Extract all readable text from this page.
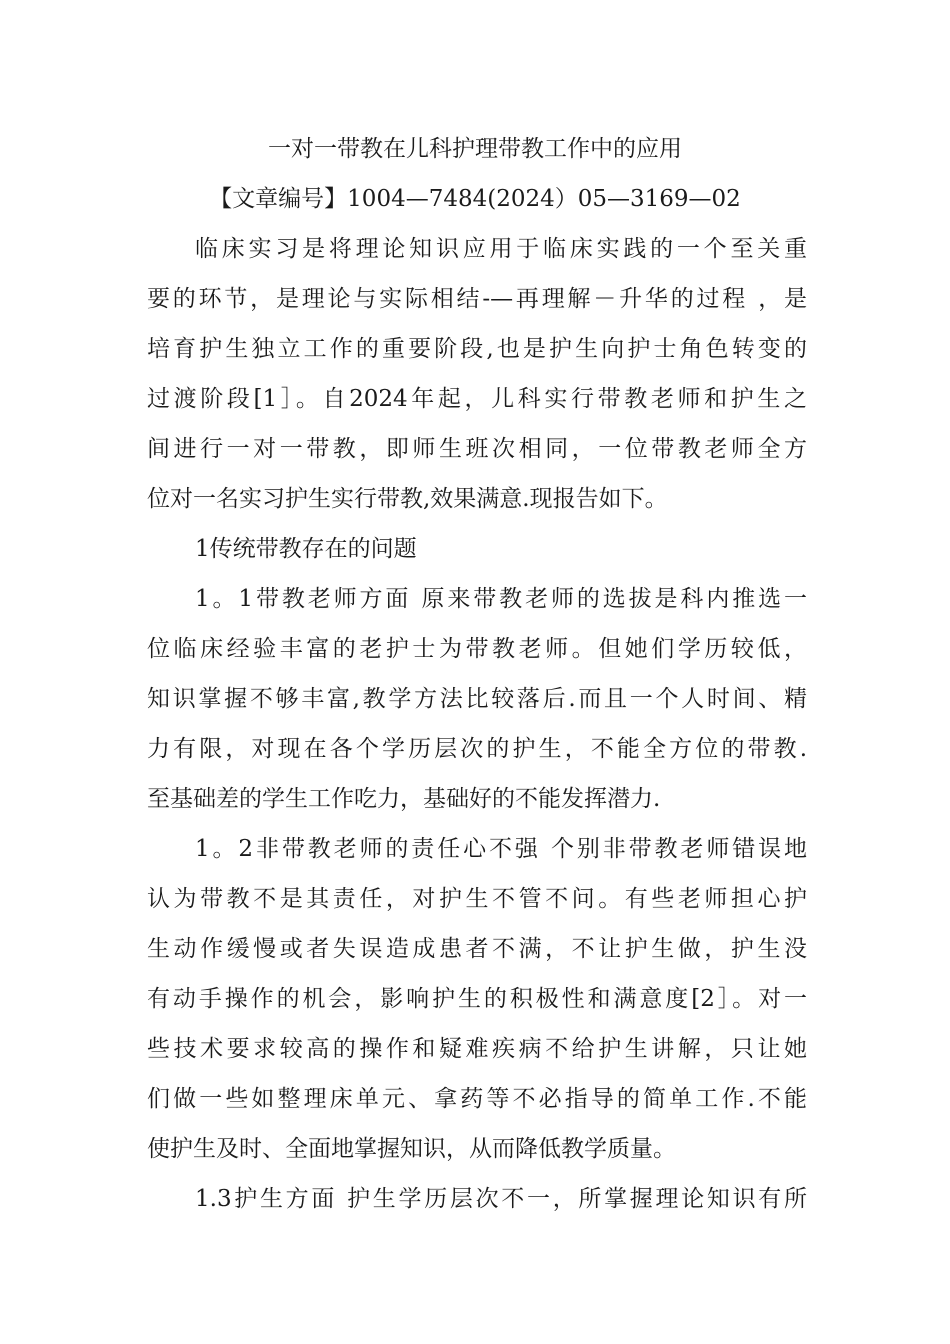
一对一带教在儿科护理带教工作中的应用
【文章编号】1004—7484(2024）05—3169—02
临床实习是将理论知识应用于临床实践的一个至关重
要的环节，是理论与实际相结-—再理解－升华的过程 ，是
培育护生独立工作的重要阶段,也是护生向护士角色转变的
过渡阶段[1］。自2024年起，儿科实行带教老师和护生之
间进行一对一带教，即师生班次相同，一位带教老师全方
位对一名实习护生实行带教,效果满意.现报告如下。
1传统带教存在的问题
1。1带教老师方面 原来带教老师的选拔是科内推选一
位临床经验丰富的老护士为带教老师。但她们学历较低，
知识掌握不够丰富,教学方法比较落后.而且一个人时间、精
力有限，对现在各个学历层次的护生，不能全方位的带教.
至基础差的学生工作吃力，基础好的不能发挥潜力.
1。2非带教老师的责任心不强 个别非带教老师错误地
认为带教不是其责任，对护生不管不问。有些老师担心护
生动作缓慢或者失误造成患者不满，不让护生做，护生没
有动手操作的机会，影响护生的积极性和满意度[2］。对一
些技术要求较高的操作和疑难疾病不给护生讲解，只让她
们做一些如整理床单元、拿药等不必指导的简单工作.不能
使护生及时、全面地掌握知识，从而降低教学质量。
1.3护生方面 护生学历层次不一，所掌握理论知识有所
